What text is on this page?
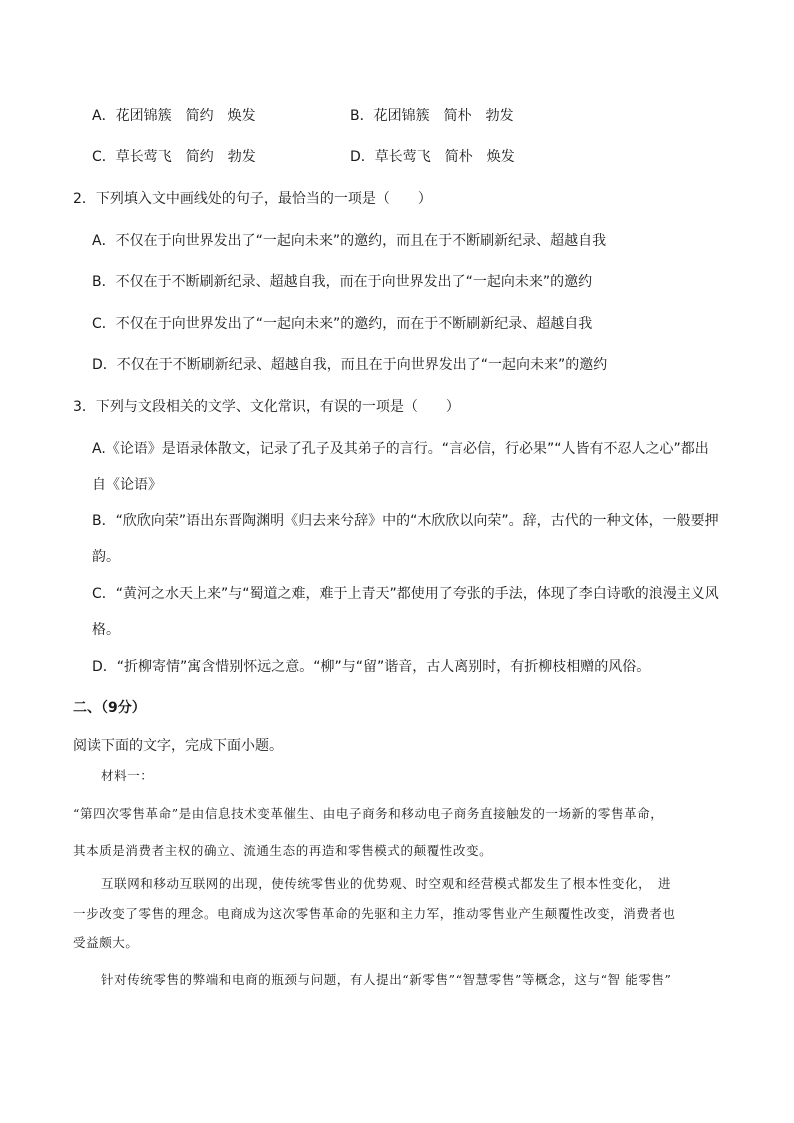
A．花团锦簇　简约　焕发	B．花团锦簇　简朴　勃发
C．草长莺飞　简约　勃发	D．草长莺飞　简朴　焕发
2．下列填入文中画线处的句子，最恰当的一项是（　　）
A．不仅在于向世界发出了“一起向未来”的邀约，而且在于不断刷新纪录、超越自我
B．不仅在于不断刷新纪录、超越自我，而在于向世界发出了“一起向未来”的邀约
C．不仅在于向世界发出了“一起向未来”的邀约，而在于不断刷新纪录、超越自我
D．不仅在于不断刷新纪录、超越自我，而且在于向世界发出了“一起向未来”的邀约
3．下列与文段相关的文学、文化常识，有误的一项是（　　）
A.《论语》是语录体散文，记录了孔子及其弟子的言行。“言必信，行必果”“人皆有不忍人之心”都出
自《论语》
B．“欣欣向荣”语出东晋陶渊明《归去来兮辞》中的“木欣欣以向荣”。辞，古代的一种文体，一般要押
韵。
C．“黄河之水天上来”与“蜀道之难，难于上青天”都使用了夸张的手法，体现了李白诗歌的浪漫主义风
格。
D．“折柳寄情”寓含惜别怀远之意。“柳”与“留”谐音，古人离别时，有折柳枝相赠的风俗。
二、（9分）
阅读下面的文字，完成下面小题。
材料一：
“第四次零售革命”是由信息技术变革催生、由电子商务和移动电子商务直接触发的一场新的零售革命，
其本质是消费者主权的确立、流通生态的再造和零售模式的颠覆性改变。
互联网和移动互联网的出现，使传统零售业的优势观、时空观和经营模式都发生了根本性变化，　进
一步改变了零售的理念。电商成为这次零售革命的先驱和主力军，推动零售业产生颠覆性改变，消费者也
受益颇大。
针对传统零售的弊端和电商的瓶颈与问题，有人提出“新零售”“智慧零售”等概念，这与“智 能零售”
